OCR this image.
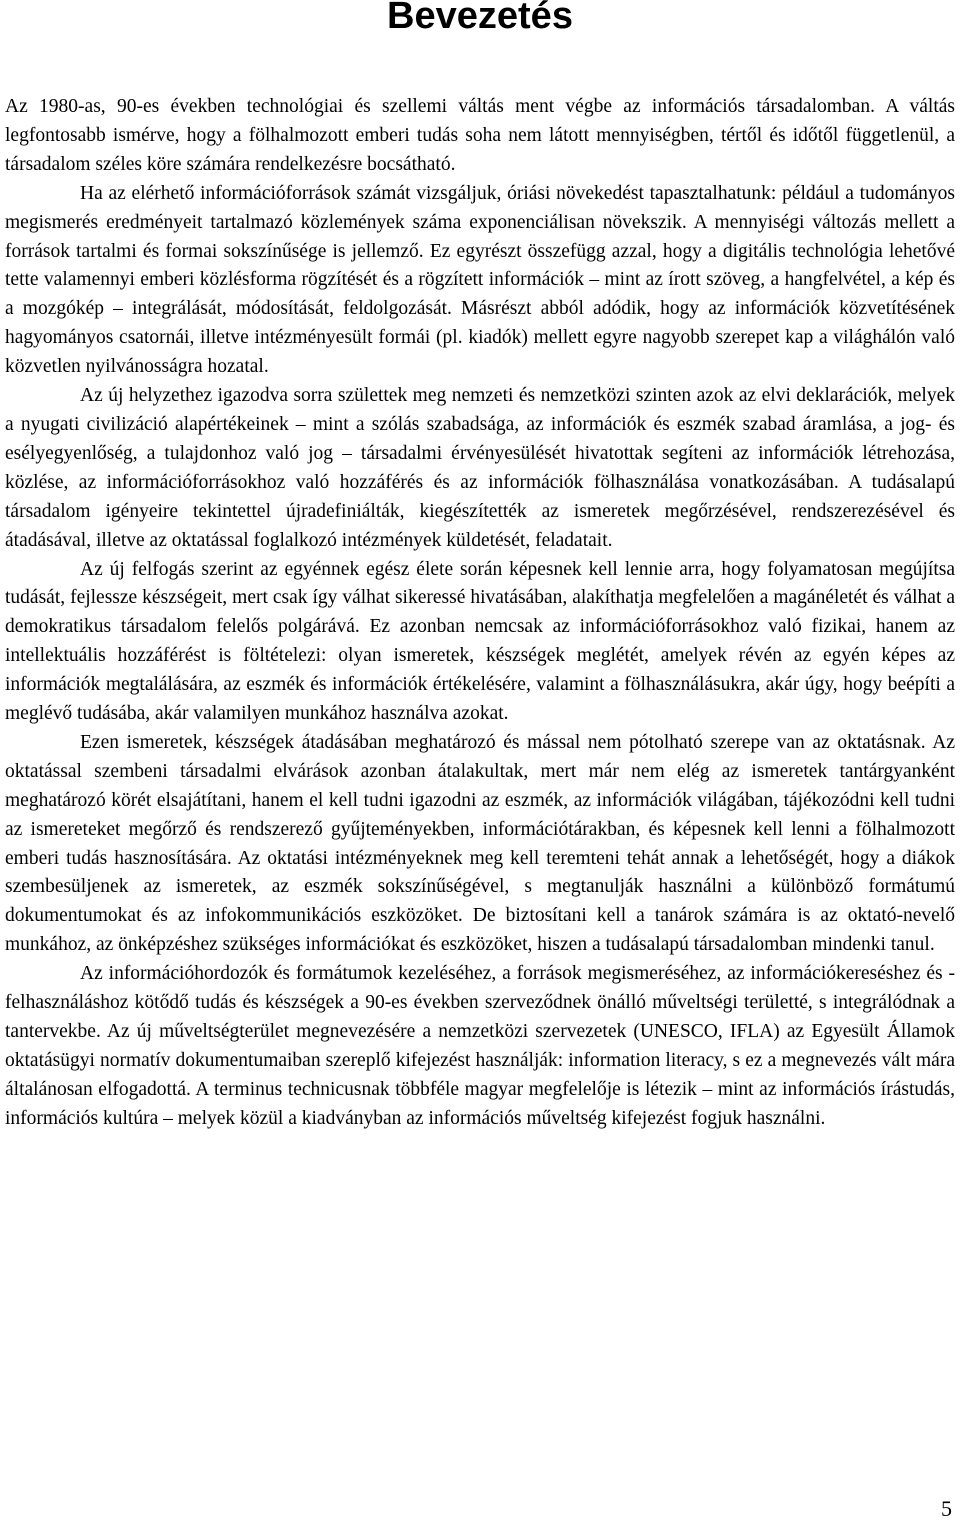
Bevezetés

Az 1980-as, 90-es években technológiai és szellemi váltás ment végbe az információs társadalomban. A váltás legfontosabb ismérve, hogy a fölhalmozott emberi tudás soha nem látott mennyiségben, tértől és időtől függetlenül, a társadalom széles köre számára rendelkezésre bocsátható.

Ha az elérhető információforrások számát vizsgáljuk, óriási növekedést tapasztalhatunk: például a tudományos megismerés eredményeit tartalmazó közlemények száma exponenciálisan növekszik. A mennyiségi változás mellett a források tartalmi és formai sokszínűsége is jellemző. Ez egyrészt összefügg azzal, hogy a digitális technológia lehetővé tette valamennyi emberi közlésforma rögzítését és a rögzített információk – mint az írott szöveg, a hangfelvétel, a kép és a mozgókép – integrálását, módosítását, feldolgozását. Másrészt abból adódik, hogy az információk közvetítésének hagyományos csatornái, illetve intézményesült formái (pl. kiadók) mellett egyre nagyobb szerepet kap a világhálón való közvetlen nyilvánosságra hozatal.

Az új helyzethez igazodva sorra születtek meg nemzeti és nemzetközi szinten azok az elvi deklarációk, melyek a nyugati civilizáció alapértékeinek – mint a szólás szabadsága, az információk és eszmék szabad áramlása, a jog- és esélyegyenlőség, a tulajdonhoz való jog – társadalmi érvényesülését hivatottak segíteni az információk létrehozása, közlése, az információforrásokhoz való hozzáférés és az információk fölhasználása vonatkozásában. A tudásalapú társadalom igényeire tekintettel újradefiniálták, kiegészítették az ismeretek megőrzésével, rendszerezésével és átadásával, illetve az oktatással foglalkozó intézmények küldetését, feladatait.

Az új felfogás szerint az egyénnek egész élete során képesnek kell lennie arra, hogy folyamatosan megújítsa tudását, fejlessze készségeit, mert csak így válhat sikeressé hivatásában, alakíthatja megfelelően a magánéletét és válhat a demokratikus társadalom felelős polgárává. Ez azonban nemcsak az információforrásokhoz való fizikai, hanem az intellektuális hozzáférést is föltételezi: olyan ismeretek, készségek meglétét, amelyek révén az egyén képes az információk megtalálására, az eszmék és információk értékelésére, valamint a fölhasználásukra, akár úgy, hogy beépíti a meglévő tudásába, akár valamilyen munkához használva azokat.

Ezen ismeretek, készségek átadásában meghatározó és mással nem pótolható szerepe van az oktatásnak. Az oktatással szembeni társadalmi elvárások azonban átalakultak, mert már nem elég az ismeretek tantárgyanként meghatározó körét elsajátítani, hanem el kell tudni igazodni az eszmék, az információk világában, tájékozódni kell tudni az ismereteket megőrző és rendszerező gyűjteményekben, információtárakban, és képesnek kell lenni a fölhalmozott emberi tudás hasznosítására. Az oktatási intézményeknek meg kell teremteni tehát annak a lehetőségét, hogy a diákok szembesüljenek az ismeretek, az eszmék sokszínűségével, s megtanulják használni a különböző formátumú dokumentumokat és az infokommunikációs eszközöket. De biztosítani kell a tanárok számára is az oktató-nevelő munkához, az önképzéshez szükséges információkat és eszközöket, hiszen a tudásalapú társadalomban mindenki tanul.

Az információhordozók és formátumok kezeléséhez, a források megismeréséhez, az információkereséshez és -felhasználáshoz kötődő tudás és készségek a 90-es években szerveződnek önálló műveltségi területté, s integrálódnak a tantervekbe. Az új műveltségterület megnevezésére a nemzetközi szervezetek (UNESCO, IFLA) az Egyesült Államok oktatásügyi normatív dokumentumaiban szereplő kifejezést használják: information literacy, s ez a megnevezés vált mára általánosan elfogadottá. A terminus technicusnak többféle magyar megfelelője is létezik – mint az információs írástudás, információs kultúra – melyek közül a kiadványban az információs műveltség kifejezést fogjuk használni.

5
